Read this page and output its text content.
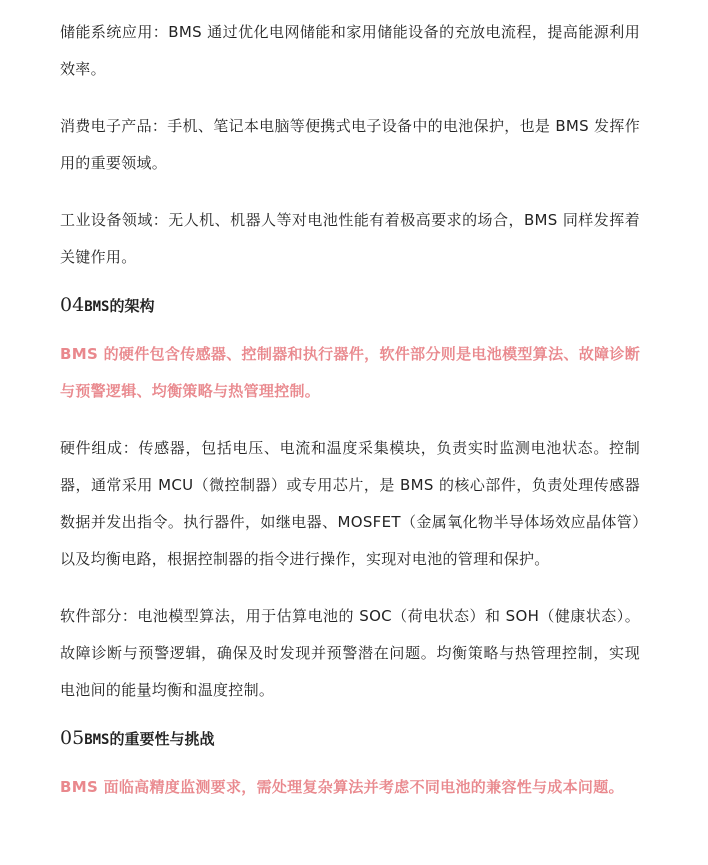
储能系统应用：BMS 通过优化电网储能和家用储能设备的充放电流程，提高能源利用效率。

消费电子产品：手机、笔记本电脑等便携式电子设备中的电池保护，也是 BMS 发挥作用的重要领域。

工业设备领域：无人机、机器人等对电池性能有着极高要求的场合，BMS 同样发挥着关键作用。

04BMS的架构

BMS 的硬件包含传感器、控制器和执行器件，软件部分则是电池模型算法、故障诊断与预警逻辑、均衡策略与热管理控制。

硬件组成：传感器，包括电压、电流和温度采集模块，负责实时监测电池状态。控制器，通常采用 MCU（微控制器）或专用芯片，是 BMS 的核心部件，负责处理传感器数据并发出指令。执行器件，如继电器、MOSFET（金属氧化物半导体场效应晶体管）以及均衡电路，根据控制器的指令进行操作，实现对电池的管理和保护。

软件部分：电池模型算法，用于估算电池的 SOC（荷电状态）和 SOH（健康状态）。故障诊断与预警逻辑，确保及时发现并预警潜在问题。均衡策略与热管理控制，实现电池间的能量均衡和温度控制。

05BMS的重要性与挑战

BMS 面临高精度监测要求，需处理复杂算法并考虑不同电池的兼容性与成本问题。
